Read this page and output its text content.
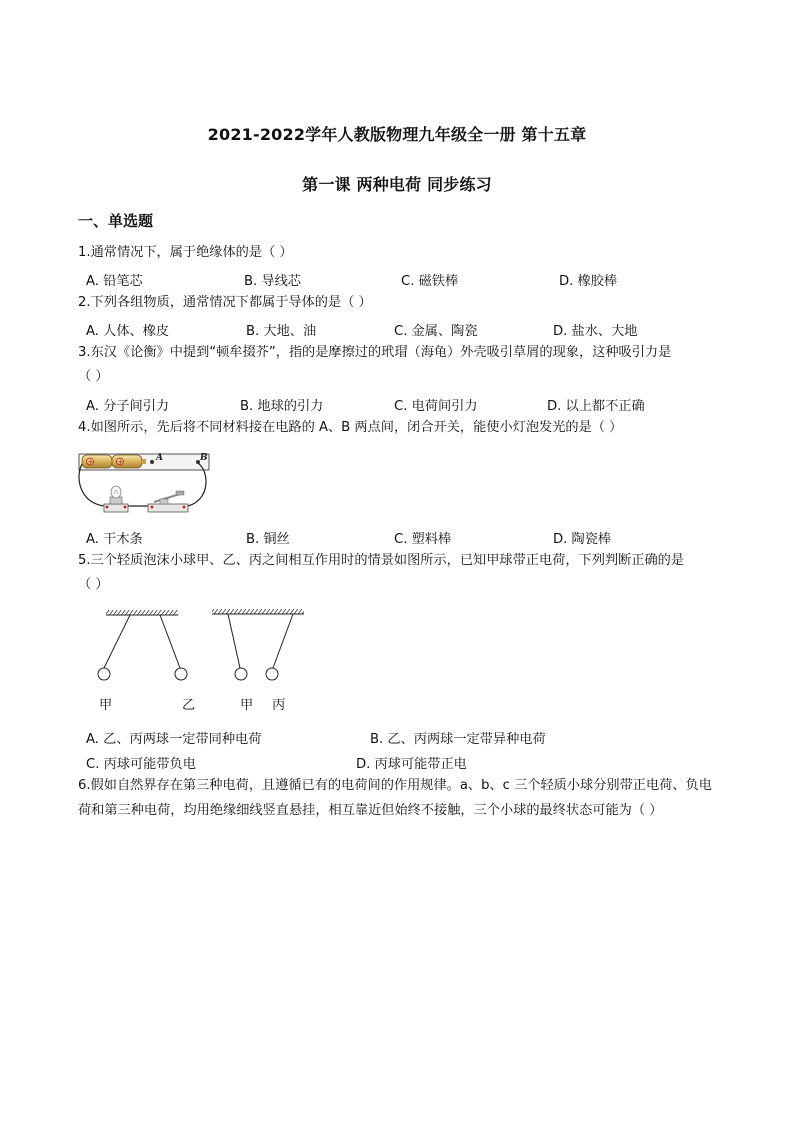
2021-2022学年人教版物理九年级全一册 第十五章
第一课 两种电荷 同步练习
一、单选题
1.通常情况下，属于绝缘体的是（ ）
A. 铅笔芯	B. 导线芯	C. 磁铁棒	D. 橡胶棒
2.下列各组物质，通常情况下都属于导体的是（ ）
A. 人体、橡皮	B. 大地、油	C. 金属、陶瓷	D. 盐水、大地
3.东汉《论衡》中提到“顿牟掇芥”，指的是摩擦过的玳瑁（海龟）外壳吸引草屑的现象，这种吸引力是
（ ）
A. 分子间引力	B. 地球的引力	C. 电荷间引力	D. 以上都不正确
4.如图所示，先后将不同材料接在电路的 A、B 两点间，闭合开关，能使小灯泡发光的是（ ）
+	+	A	B
A. 干木条	B. 铜丝	C. 塑料棒	D. 陶瓷棒
5.三个轻质泡沫小球甲、乙、丙之间相互作用时的情景如图所示，已知甲球带正电荷，下列判断正确的是
（ ）
甲	乙	甲 丙
A. 乙、丙两球一定带同种电荷	B. 乙、丙两球一定带异种电荷
C. 丙球可能带负电	D. 丙球可能带正电
6.假如自然界存在第三种电荷，且遵循已有的电荷间的作用规律。a、b、c 三个轻质小球分别带正电荷、负电
荷和第三种电荷，均用绝缘细线竖直悬挂，相互靠近但始终不接触，三个小球的最终状态可能为（ ）
